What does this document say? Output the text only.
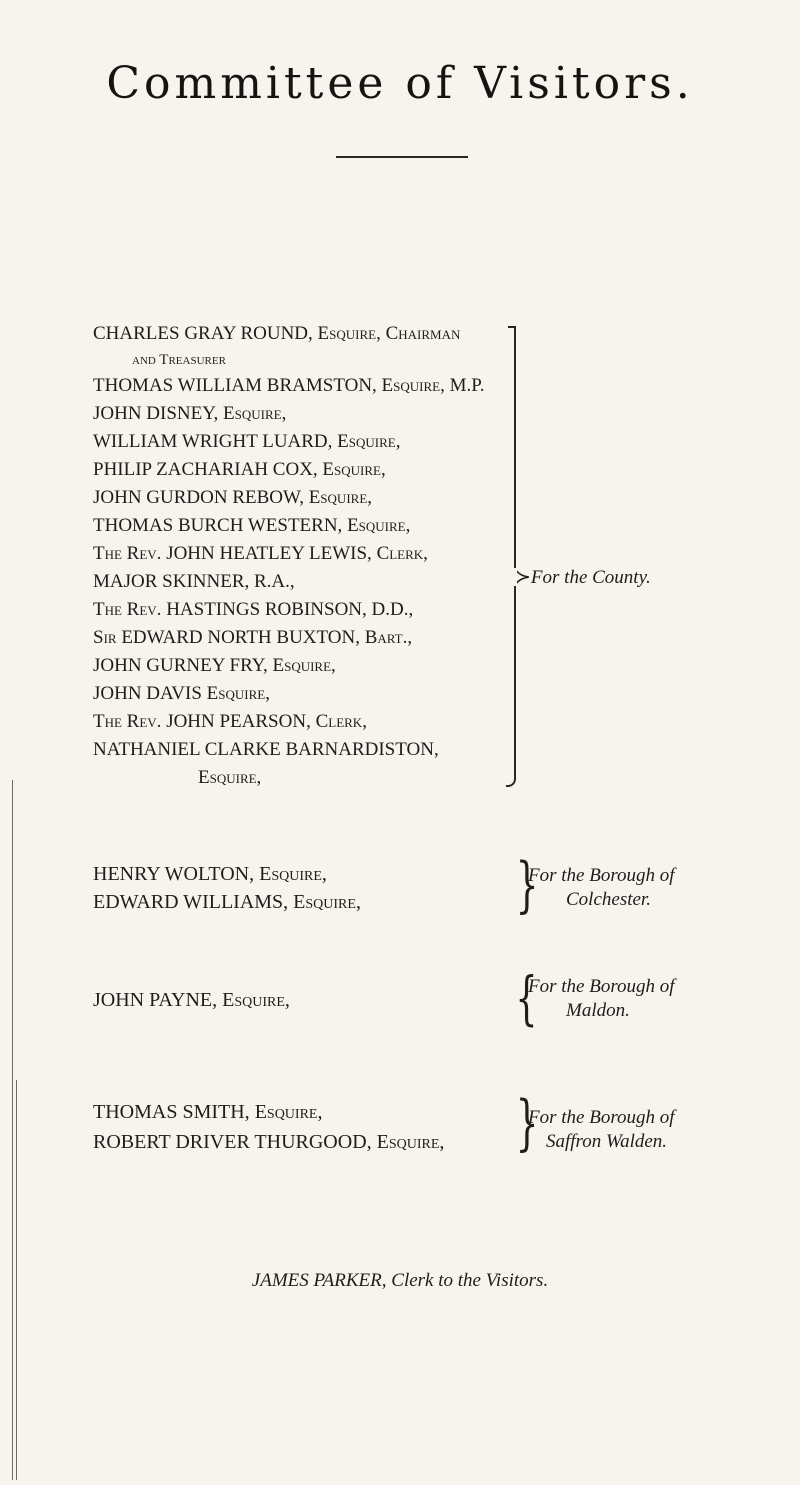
Committee of Visitors.
CHARLES GRAY ROUND, Esquire, Chairman
and Treasurer
THOMAS WILLIAM BRAMSTON, Esquire, M.P.
JOHN DISNEY, Esquire,
WILLIAM WRIGHT LUARD, Esquire,
PHILIP ZACHARIAH COX, Esquire,
JOHN GURDON REBOW, Esquire,
THOMAS BURCH WESTERN, Esquire,
The Rev. JOHN HEATLEY LEWIS, Clerk,
MAJOR SKINNER, R.A.,
The Rev. HASTINGS ROBINSON, D.D.,
Sir EDWARD NORTH BUXTON, Bart.,
JOHN GURNEY FRY, Esquire,
JOHN DAVIS Esquire,
The Rev. JOHN PEARSON, Clerk,
NATHANIEL CLARKE BARNARDISTON,
Esquire,
≻For the County.
HENRY WOLTON, Esquire,
EDWARD WILLIAMS, Esquire,	}
For the Borough of
Colchester.
JOHN PAYNE, Esquire,	{
For the Borough of
Maldon.
THOMAS SMITH, Esquire,
ROBERT DRIVER THURGOOD, Esquire, }
For the Borough of
Saffron Walden.
JAMES PARKER, Clerk to the Visitors.
